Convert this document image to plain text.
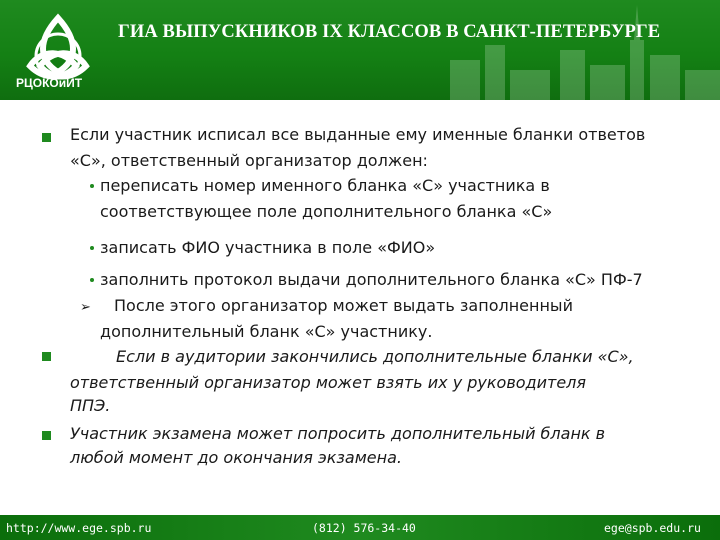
РЦОКОиИТ
ГИА ВЫПУСКНИКОВ IX КЛАССОВ В САНКТ-ПЕТЕРБУРГЕ
Если участник исписал все выданные ему именные бланки ответов
«С», ответственный организатор должен:
переписать номер именного бланка «С» участника в
соответствующее поле дополнительного бланка «С»
записать ФИО участника в поле «ФИО»
заполнить протокол выдачи дополнительного бланка «С» ПФ-7
➢ После этого организатор может выдать заполненный
дополнительный бланк «С» участнику.
Если в аудитории закончились дополнительные бланки «С»,
ответственный организатор может взять их у руководителя
ППЭ.
Участник экзамена может попросить дополнительный бланк в
любой момент до окончания экзамена.
http://www.ege.spb.ru	(812) 576-34-40	ege@spb.edu.ru
